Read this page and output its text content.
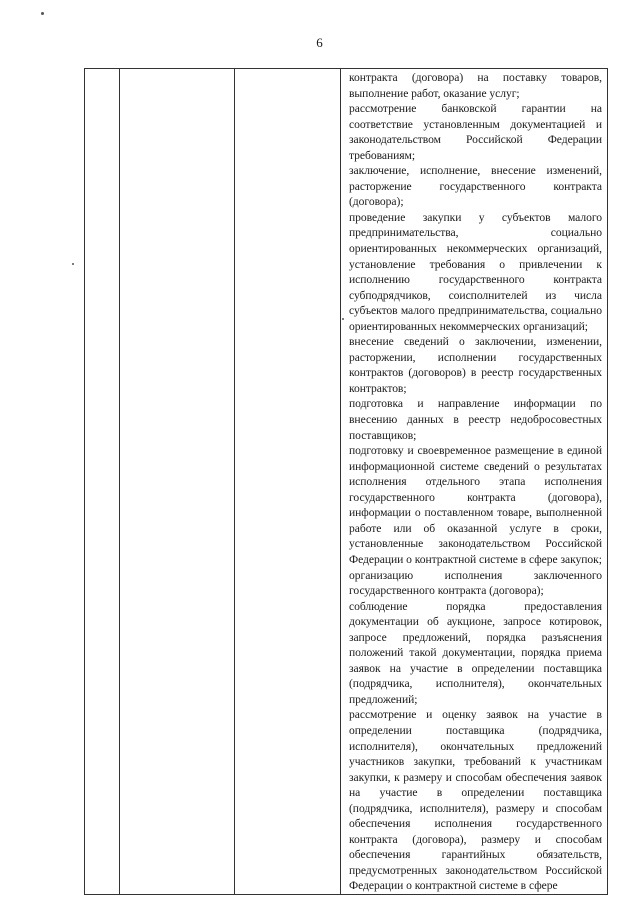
6

контракта (договора) на поставку товаров, выполнение работ, оказание услуг;

рассмотрение банковской гарантии на соответствие установленным документацией и законодательством Российской Федерации требованиям;

заключение, исполнение, внесение изменений, расторжение государственного контракта (договора);

проведение закупки у субъектов малого предпринимательства, социально ориентированных некоммерческих организаций, установление требования о привлечении к исполнению государственного контракта субподрядчиков, соисполнителей из числа субъектов малого предпринимательства, социально ориентированных некоммерческих организаций;

внесение сведений о заключении, изменении, расторжении, исполнении государственных контрактов (договоров) в реестр государственных контрактов;

подготовка и направление информации по внесению данных в реестр недобросовестных поставщиков;

подготовку и своевременное размещение в единой информационной системе сведений о результатах исполнения отдельного этапа исполнения государственного контракта (договора), информации о поставленном товаре, выполненной работе или об оказанной услуге в сроки, установленные законодательством Российской Федерации о контрактной системе в сфере закупок;

организацию исполнения заключенного государственного контракта (договора);

соблюдение порядка предоставления документации об аукционе, запросе котировок, запросе предложений, порядка разъяснения положений такой документации, порядка приема заявок на участие в определении поставщика (подрядчика, исполнителя), окончательных предложений;

рассмотрение и оценку заявок на участие в определении поставщика (подрядчика, исполнителя), окончательных предложений участников закупки, требований к участникам закупки, к размеру и способам обеспечения заявок на участие в определении поставщика (подрядчика, исполнителя), размеру и способам обеспечения исполнения государственного контракта (договора), размеру и способам обеспечения гарантийных обязательств, предусмотренных законодательством Российской Федерации о контрактной системе в сфере
